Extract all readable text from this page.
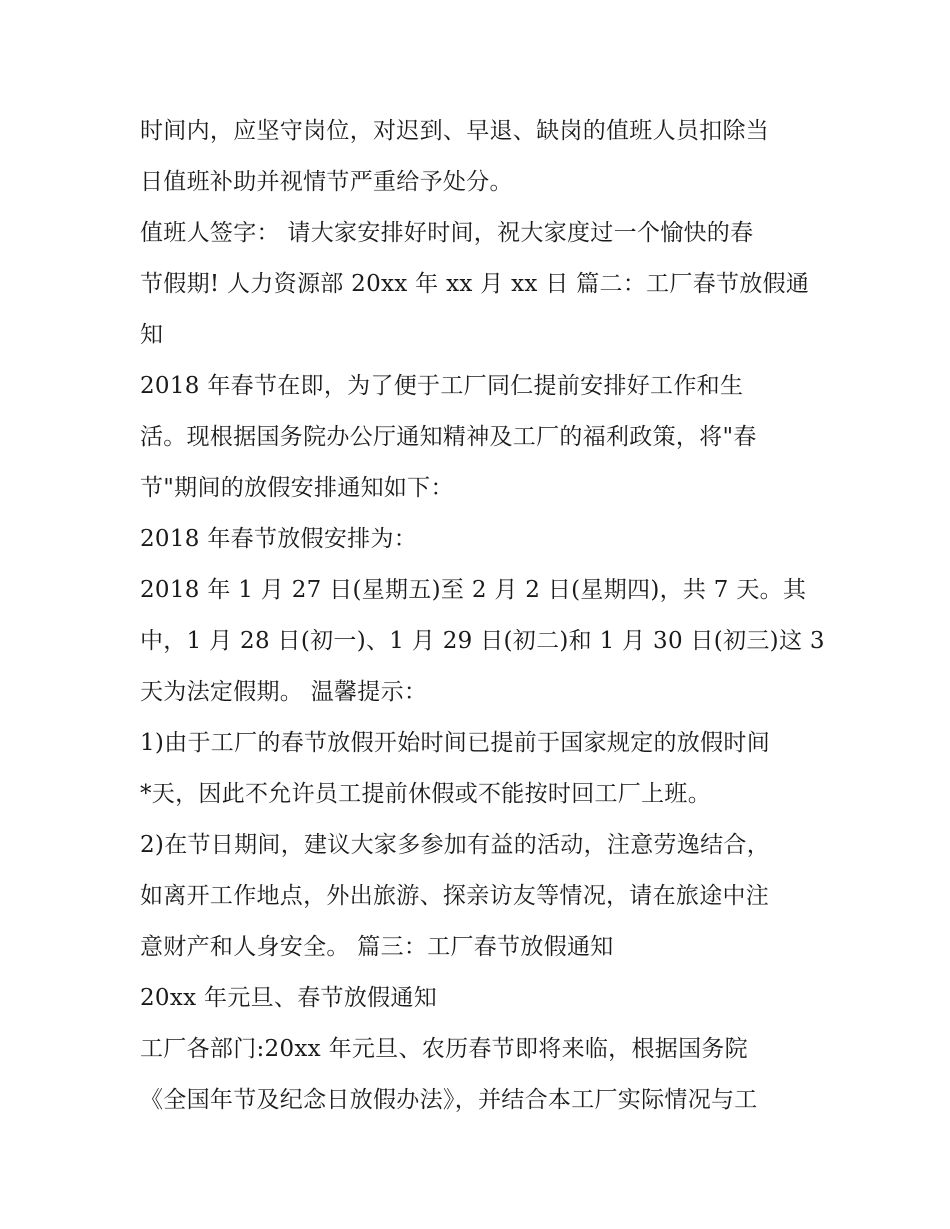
时间内，应坚守岗位，对迟到、早退、缺岗的值班人员扣除当
日值班补助并视情节严重给予处分。
值班人签字： 请大家安排好时间，祝大家度过一个愉快的春
节假期! 人力资源部 20xx 年 xx 月 xx 日 篇二：工厂春节放假通
知
2018 年春节在即，为了便于工厂同仁提前安排好工作和生
活。现根据国务院办公厅通知精神及工厂的福利政策，将"春
节"期间的放假安排通知如下：
2018 年春节放假安排为：
2018 年 1 月 27 日(星期五)至 2 月 2 日(星期四)，共 7 天。其
中，1 月 28 日(初一)、1 月 29 日(初二)和 1 月 30 日(初三)这 3
天为法定假期。 温馨提示：
1)由于工厂的春节放假开始时间已提前于国家规定的放假时间
*天，因此不允许员工提前休假或不能按时回工厂上班。
2)在节日期间，建议大家多参加有益的活动，注意劳逸结合，
如离开工作地点，外出旅游、探亲访友等情况，请在旅途中注
意财产和人身安全。 篇三：工厂春节放假通知
20xx 年元旦、春节放假通知
工厂各部门:20xx 年元旦、农历春节即将来临，根据国务院
《全国年节及纪念日放假办法》，并结合本工厂实际情况与工
